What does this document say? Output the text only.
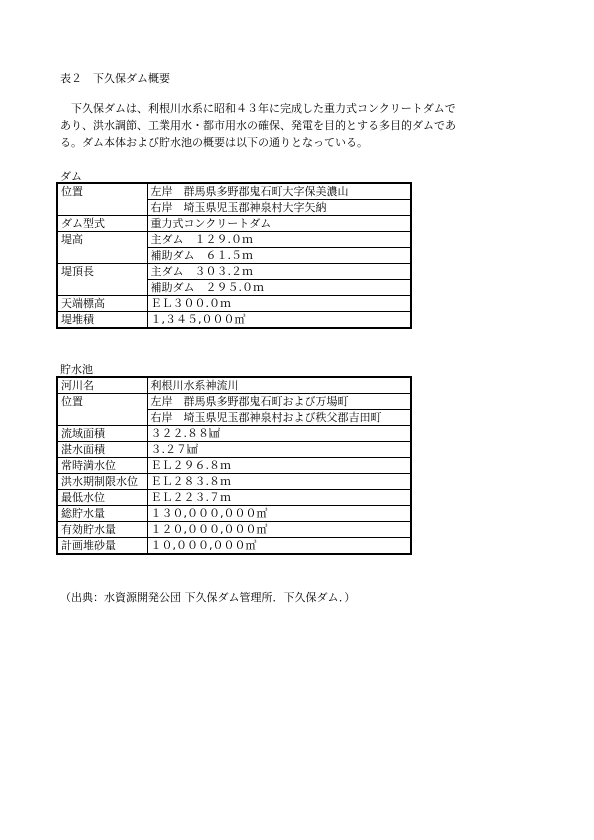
表２　下久保ダム概要
　下久保ダムは、利根川水系に昭和４３年に完成した重力式コンクリートダムで
あり、洪水調節、工業用水・都市用水の確保、発電を目的とする多目的ダムであ
る。ダム本体および貯水池の概要は以下の通りとなっている。
ダム
位置	左岸　群馬県多野郡鬼石町大字保美濃山
	右岸　埼玉県児玉郡神泉村大字矢納
ダム型式	重力式コンクリートダム
堤高	主ダム　１２９.０ｍ
	補助ダム　６１.５ｍ
堤頂長	主ダム　３０３.２ｍ
	補助ダム　２９５.０ｍ
天端標高	ＥＬ３００.０ｍ
堤堆積	１,３４５,０００㎥
貯水池
河川名	利根川水系神流川
位置	左岸　群馬県多野郡鬼石町および万場町
	右岸　埼玉県児玉郡神泉村および秩父郡吉田町
流域面積	３２２.８８㎢
湛水面積	３.２７㎢
常時満水位	ＥＬ２９６.８ｍ
洪水期制限水位	ＥＬ２８３.８ｍ
最低水位	ＥＬ２２３.７ｍ
総貯水量	１３０,０００,０００㎥
有効貯水量	１２０,０００,０００㎥
計画堆砂量	１０,０００,０００㎥
（出典：水資源開発公団 下久保ダム管理所．下久保ダム．）
